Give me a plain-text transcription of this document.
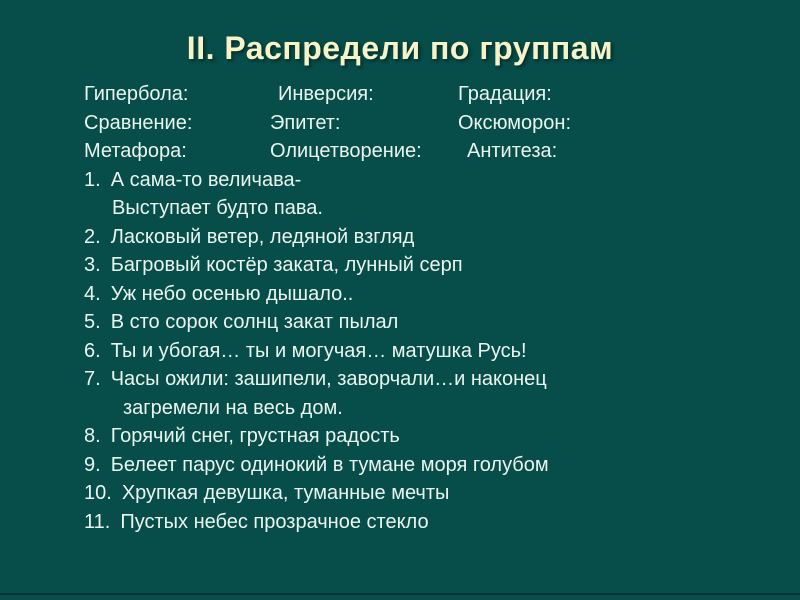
II. Распредели по группам
Гипербола:	Инверсия:	Градация:
Сравнение:	Эпитет:	Оксюморон:
Метафора:	Олицетворение:	Антитеза:
1. А сама-то величава-
Выступает будто пава.
2. Ласковый ветер, ледяной взгляд
3. Багровый костёр заката, лунный серп
4. Уж небо осенью дышало..
5. В сто сорок солнц закат пылал
6. Ты и убогая… ты и могучая… матушка Русь!
7. Часы ожили: зашипели, заворчали…и наконец
загремели на весь дом.
8. Горячий снег, грустная радость
9. Белеет парус одинокий в тумане моря голубом
10. Хрупкая девушка, туманные мечты
11. Пустых небес прозрачное стекло
